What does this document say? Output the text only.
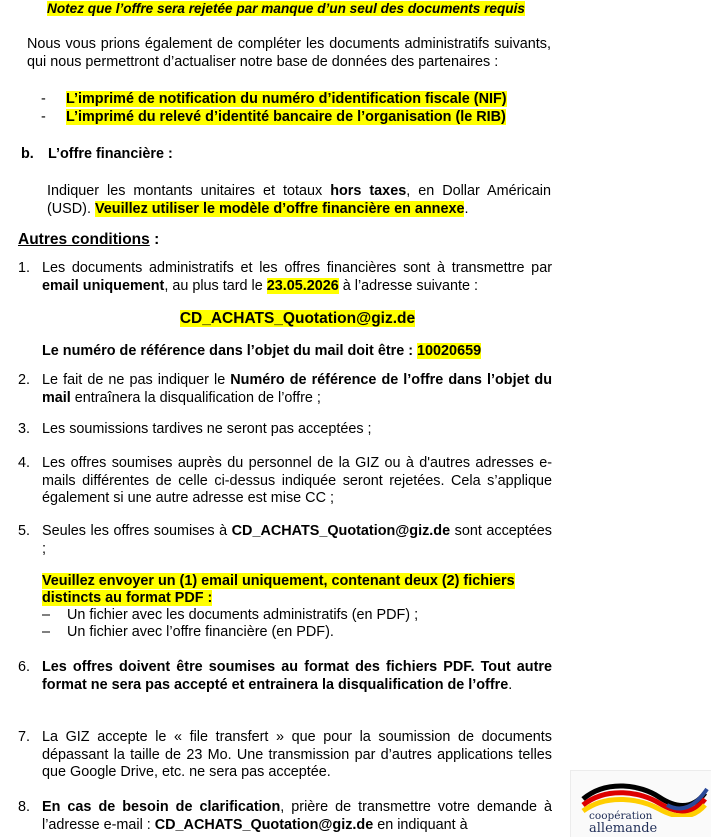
Notez que l’offre sera rejetée par manque d’un seul des documents requis
Nous vous prions également de compléter les documents administratifs suivants, qui nous permettront d’actualiser notre base de données des partenaires :
- L’imprimé de notification du numéro d’identification fiscale (NIF)
- L’imprimé du relevé d’identité bancaire de l’organisation (le RIB)
b. L’offre financière :
Indiquer les montants unitaires et totaux hors taxes, en Dollar Américain (USD). Veuillez utiliser le modèle d’offre financière en annexe.
Autres conditions :
1. Les documents administratifs et les offres financières sont à transmettre par email uniquement, au plus tard le 23.05.2026 à l’adresse suivante :
CD_ACHATS_Quotation@giz.de
Le numéro de référence dans l’objet du mail doit être : 10020659
2. Le fait de ne pas indiquer le Numéro de référence de l’offre dans l’objet du mail entraînera la disqualification de l’offre ;
3. Les soumissions tardives ne seront pas acceptées ;
4. Les offres soumises auprès du personnel de la GIZ ou à d'autres adresses e-mails différentes de celle ci-dessus indiquée seront rejetées. Cela s’applique également si une autre adresse est mise CC ;
5. Seules les offres soumises à CD_ACHATS_Quotation@giz.de sont acceptées ;
Veuillez envoyer un (1) email uniquement, contenant deux (2) fichiers distincts au format PDF :
– Un fichier avec les documents administratifs (en PDF) ;
– Un fichier avec l’offre financière (en PDF).
6. Les offres doivent être soumises au format des fichiers PDF. Tout autre format ne sera pas accepté et entrainera la disqualification de l’offre.
7. La GIZ accepte le « file transfert » que pour la soumission de documents dépassant la taille de 23 Mo. Une transmission par d’autres applications telles que Google Drive, etc. ne sera pas acceptée.
8. En cas de besoin de clarification, prière de transmettre votre demande à l’adresse e-mail : CD_ACHATS_Quotation@giz.de en indiquant à
coopération
allemande
